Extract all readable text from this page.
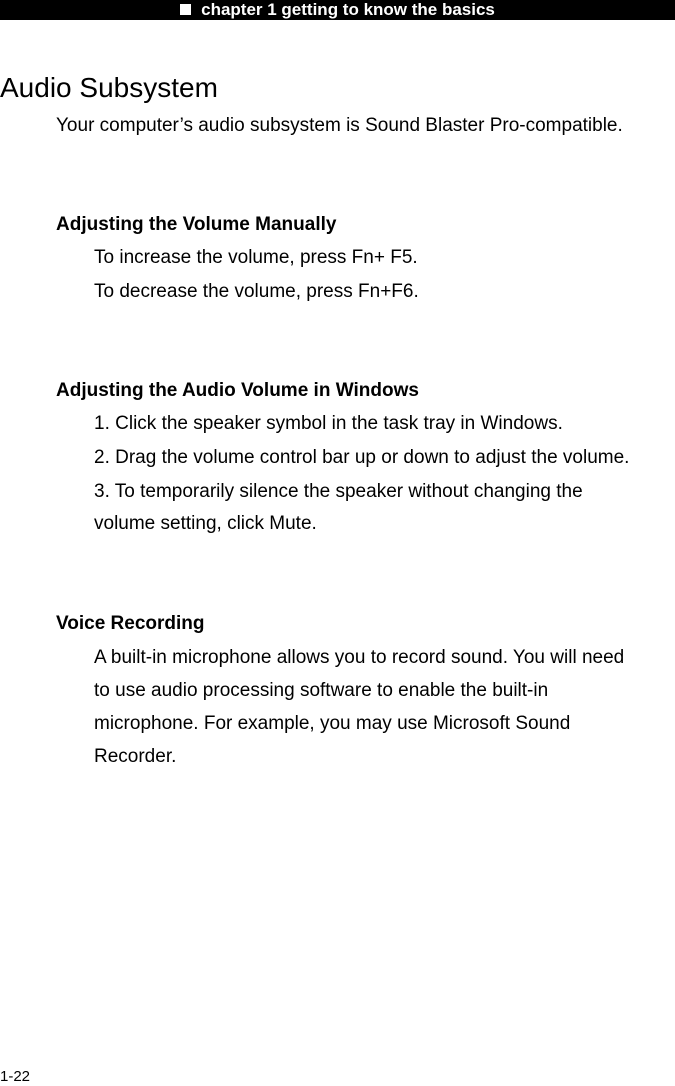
chapter 1 getting to know the basics
Audio Subsystem
Your computer’s audio subsystem is Sound Blaster Pro-compatible.
Adjusting the Volume Manually
To increase the volume, press Fn+ F5.
To decrease the volume, press Fn+F6.
Adjusting the Audio Volume in Windows
1. Click the speaker symbol in the task tray in Windows.
2. Drag the volume control bar up or down to adjust the volume.
3. To temporarily silence the speaker without changing the
volume setting, click Mute.
Voice Recording
A built-in microphone allows you to record sound. You will need
to use audio processing software to enable the built-in
microphone. For example, you may use Microsoft Sound
Recorder.
1-22
